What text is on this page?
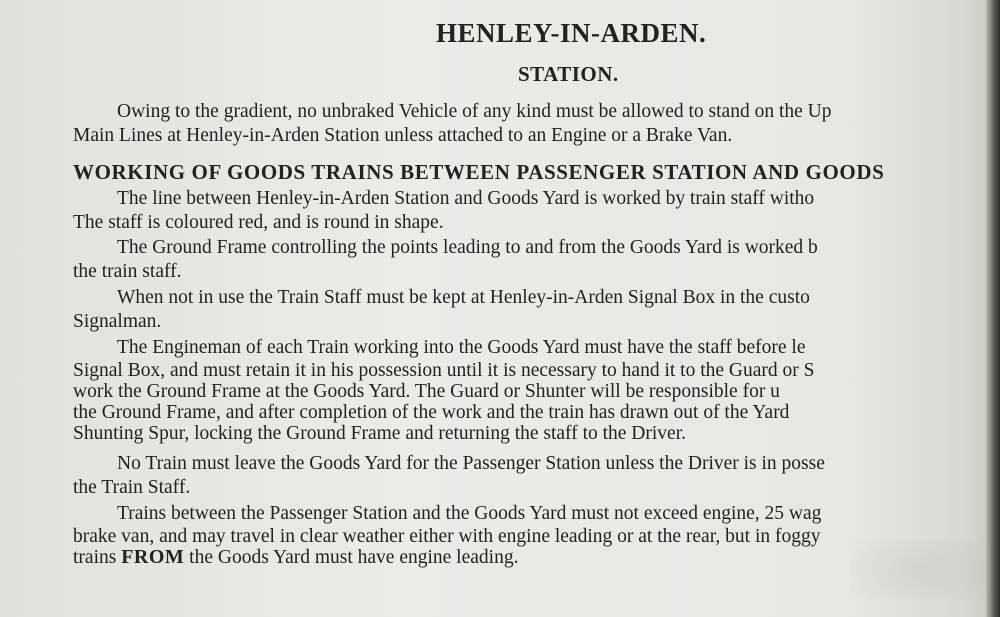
HENLEY-IN-ARDEN.
STATION.

Owing to the gradient, no unbraked Vehicle of any kind must be allowed to stand on the Up
Main Lines at Henley-in-Arden Station unless attached to an Engine or a Brake Van.

WORKING OF GOODS TRAINS BETWEEN PASSENGER STATION AND GOODS

The line between Henley-in-Arden Station and Goods Yard is worked by train staff witho
The staff is coloured red, and is round in shape.

The Ground Frame controlling the points leading to and from the Goods Yard is worked b
the train staff.

When not in use the Train Staff must be kept at Henley-in-Arden Signal Box in the custo
Signalman.

The Engineman of each Train working into the Goods Yard must have the staff before le
Signal Box, and must retain it in his possession until it is necessary to hand it to the Guard or S
work the Ground Frame at the Goods Yard. The Guard or Shunter will be responsible for u
the Ground Frame, and after completion of the work and the train has drawn out of the Yard
Shunting Spur, locking the Ground Frame and returning the staff to the Driver.

No Train must leave the Goods Yard for the Passenger Station unless the Driver is in posse
the Train Staff.

Trains between the Passenger Station and the Goods Yard must not exceed engine, 25 wag
brake van, and may travel in clear weather either with engine leading or at the rear, but in foggy
trains FROM the Goods Yard must have engine leading.
